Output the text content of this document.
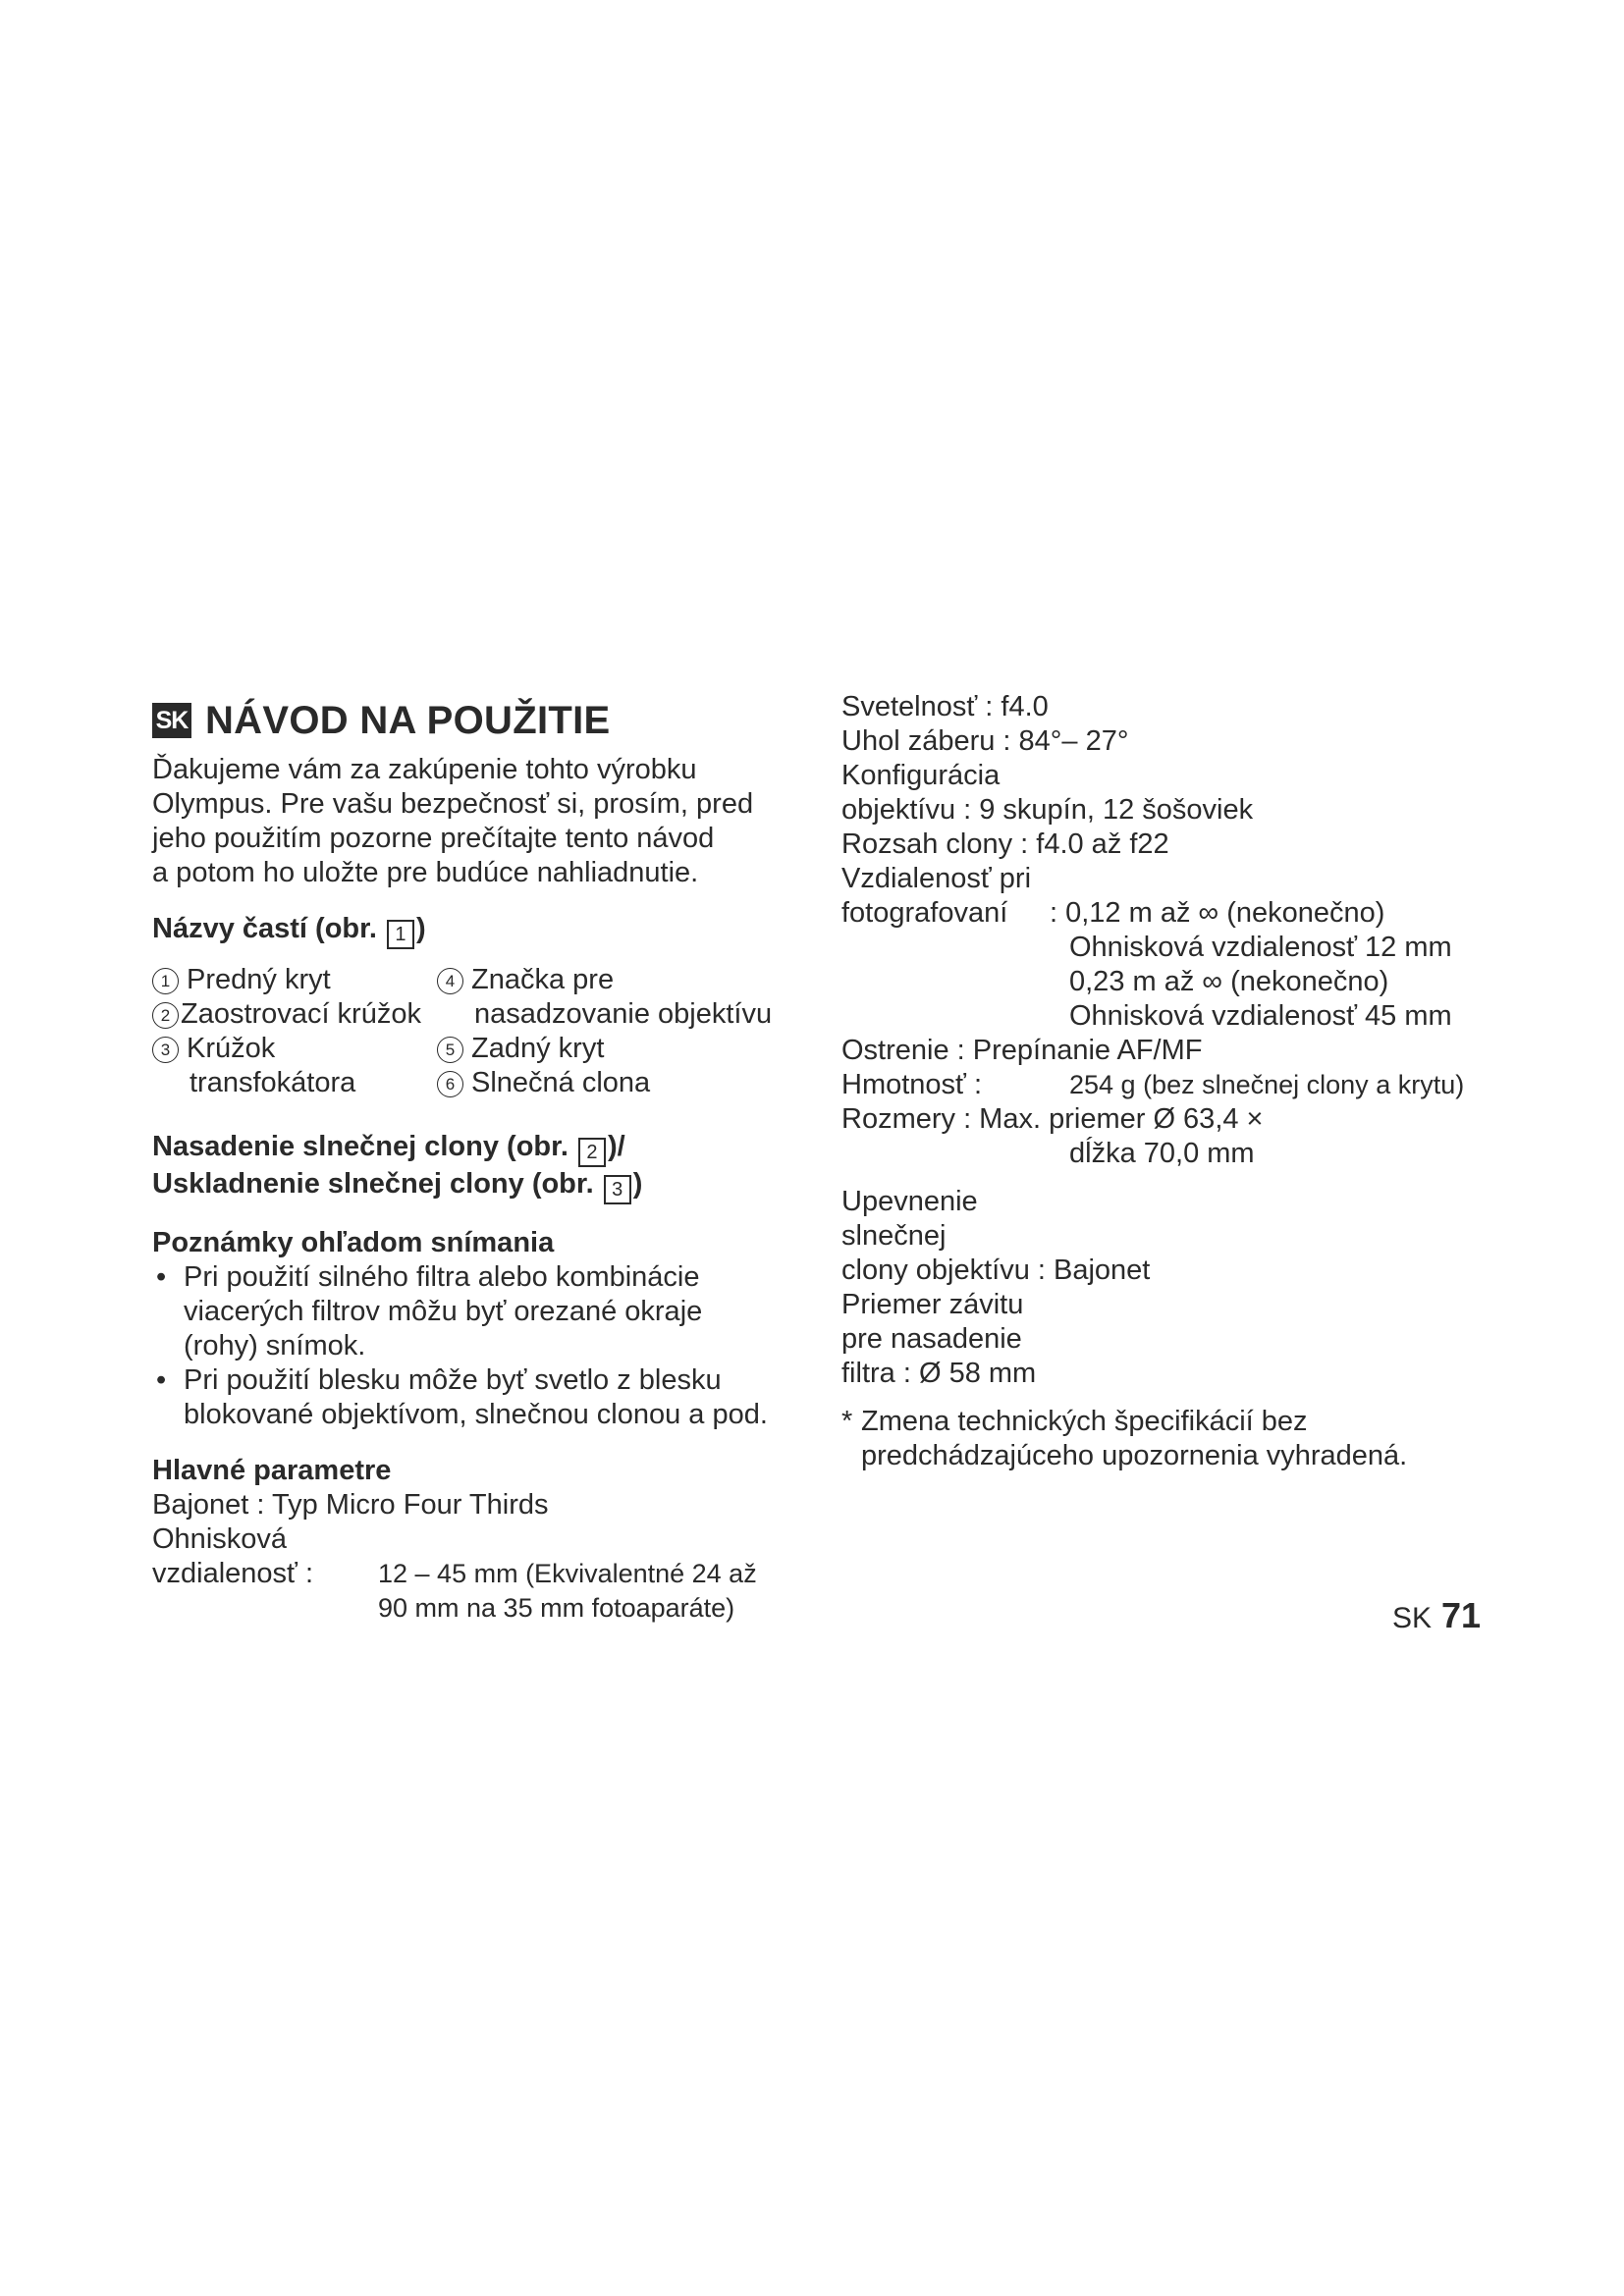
SK NÁVOD NA POUŽITIE

Ďakujeme vám za zakúpenie tohto výrobku

Olympus. Pre vašu bezpečnosť si, prosím, pred

jeho použitím pozorne prečítajte tento návod

a potom ho uložte pre budúce nahliadnutie.

Názvy častí (obr. 1 )

1 Predný kryt	4 Značka pre
2 Zaostrovací krúžok	nasadzovanie objektívu
3 Krúžok	5 Zadný kryt
transfokátora	6 Slnečná clona

Nasadenie slnečnej clony (obr. 2 )/

Uskladnenie slnečnej clony (obr. 3 )

Poznámky ohľadom snímania

• Pri použití silného filtra alebo kombinácie
viacerých filtrov môžu byť orezané okraje
(rohy) snímok.
• Pri použití blesku môže byť svetlo z blesku
blokované objektívom, slnečnou clonou a pod.

Hlavné parametre

Bajonet : Typ Micro Four Thirds

Ohnisková

vzdialenosť :	12 – 45 mm (Ekvivalentné 24 až

90 mm na 35 mm fotoaparáte)

Svetelnosť : f4.0

Uhol záberu : 84°– 27°

Konfigurácia

objektívu : 9 skupín, 12 šošoviek

Rozsah clony : f4.0 až f22

Vzdialenosť pri

fotografovaní	: 0,12 m až ∞ (nekonečno)

Ohnisková vzdialenosť 12 mm

0,23 m až ∞ (nekonečno)

Ohnisková vzdialenosť 45 mm

Ostrenie : Prepínanie AF/MF

Hmotnosť :	254 g (bez slnečnej clony a krytu)

Rozmery : Max. priemer Ø 63,4 ×

dĺžka 70,0 mm

Upevnenie

slnečnej

clony objektívu : Bajonet

Priemer závitu

pre nasadenie

filtra : Ø 58 mm

* Zmena technických špecifikácií bez
predchádzajúceho upozornenia vyhradená.
SK 71
